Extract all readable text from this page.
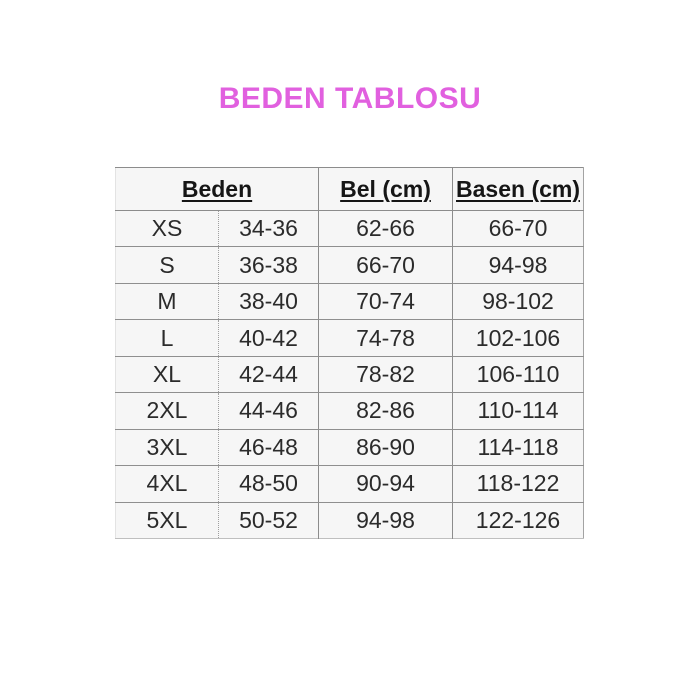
BEDEN TABLOSU
Beden		Bel (cm)	Basen (cm)
XS	34-36	62-66	66-70
S	36-38	66-70	94-98
M	38-40	70-74	98-102
L	40-42	74-78	102-106
XL	42-44	78-82	106-110
2XL	44-46	82-86	110-114
3XL	46-48	86-90	114-118
4XL	48-50	90-94	118-122
5XL	50-52	94-98	122-126
